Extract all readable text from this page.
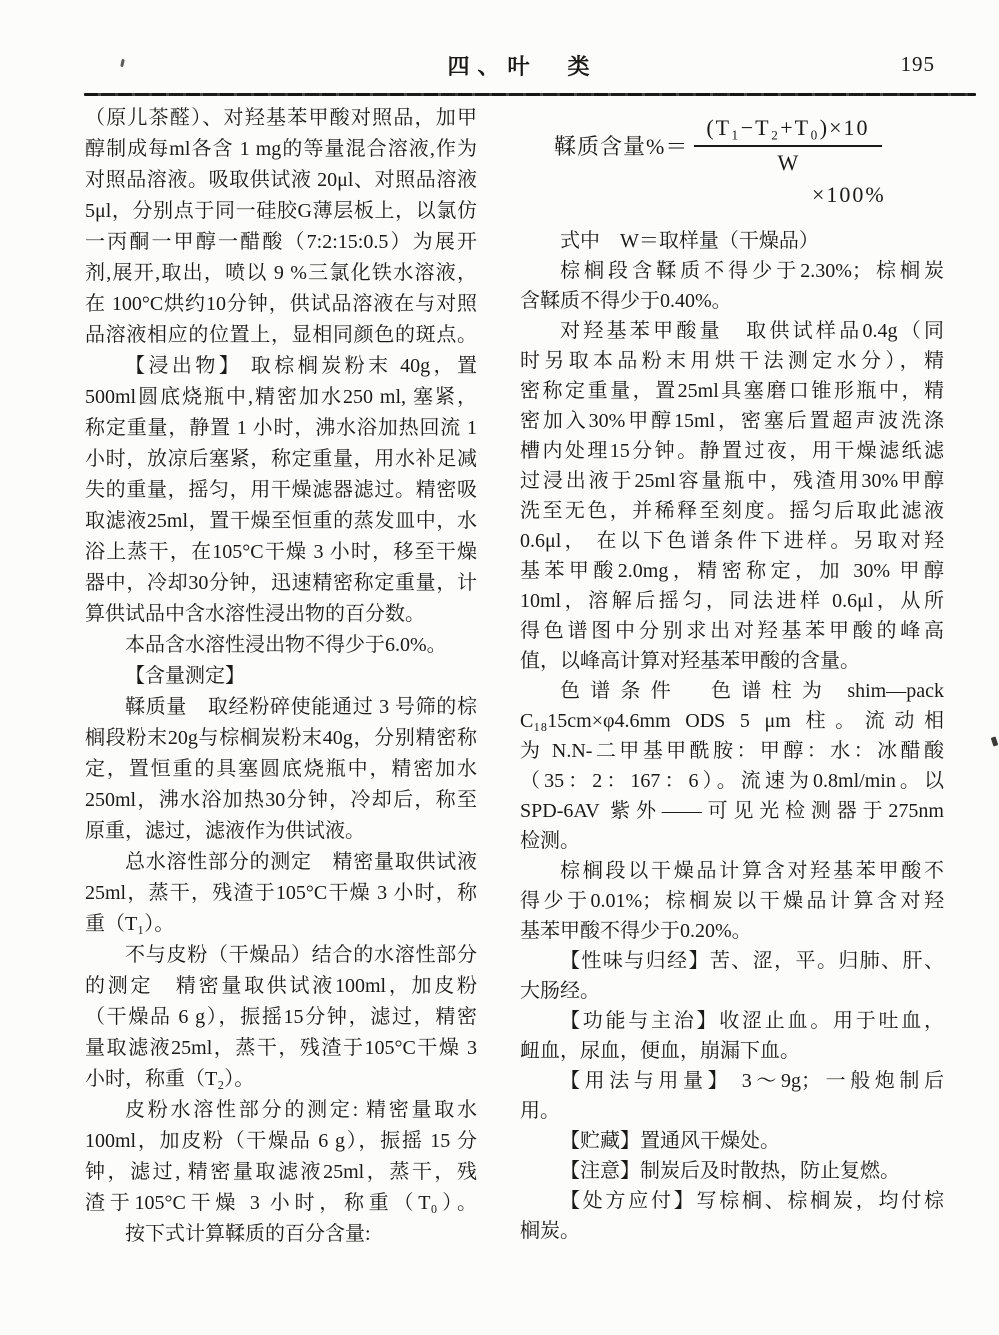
四、叶　类	195
（原儿茶醛）、对羟基苯甲酸对照品，加甲
醇制成每ml各含 1 mg的等量混合溶液,作为
对照品溶液。吸取供试液 20μl、对照品溶液
5μl，分别点于同一硅胶G薄层板上，以氯仿
一丙酮一甲醇一醋酸（7:2:15:0.5）为展开
剂,展开,取出，喷以 9 %三氯化铁水溶液，
在 100°C烘约10分钟，供试品溶液在与对照
品溶液相应的位置上，显相同颜色的斑点。
【浸出物】 取棕榈炭粉末 40g，置
500ml圆底烧瓶中,精密加水250 ml, 塞紧，
称定重量，静置 1 小时，沸水浴加热回流 1
小时，放凉后塞紧，称定重量，用水补足减
失的重量，摇匀，用干燥滤器滤过。精密吸
取滤液25ml，置干燥至恒重的蒸发皿中，水
浴上蒸干，在105°C干燥 3 小时，移至干燥
器中，冷却30分钟，迅速精密称定重量，计
算供试品中含水溶性浸出物的百分数。
本品含水溶性浸出物不得少于6.0%。
【含量测定】
鞣质量　取经粉碎使能通过 3 号筛的棕
榈段粉末20g与棕榈炭粉末40g，分别精密称
定，置恒重的具塞圆底烧瓶中，精密加水
250ml，沸水浴加热30分钟，冷却后，称至
原重，滤过，滤液作为供试液。
总水溶性部分的测定　精密量取供试液
25ml，蒸干，残渣于105°C干燥 3 小时，称
重（T₁）。
不与皮粉（干燥品）结合的水溶性部分
的测定　精密量取供试液100ml，加皮粉
（干燥品 6 g），振摇15分钟，滤过，精密
量取滤液25ml，蒸干，残渣于105°C干燥 3
小时，称重（T₂）。
皮粉水溶性部分的测定: 精密量取水
100ml，加皮粉（干燥品 6 g），振摇 15 分
钟，滤过, 精密量取滤液25ml，蒸干，残
渣于105°C干燥 3 小时，称重（T₀）。
按下式计算鞣质的百分含量:
鞣质含量%＝ $\frac{\text{(T₁−T₂+T₀)×10}}{W}$
×100%
式中　W＝取样量（干燥品）
棕榈段含鞣质不得少于2.30%；棕榈炭
含鞣质不得少于0.40%。
对羟基苯甲酸量　取供试样品0.4g（同
时另取本品粉末用烘干法测定水分），精
密称定重量，置25ml具塞磨口锥形瓶中，精
密加入30%甲醇15ml，密塞后置超声波洗涤
槽内处理15分钟。静置过夜，用干燥滤纸滤
过浸出液于25ml容量瓶中，残渣用30%甲醇
洗至无色，并稀释至刻度。摇匀后取此滤液
0.6μl， 在以下色谱条件下进样。另取对羟
基苯甲酸2.0mg，精密称定，加 30% 甲醇
10ml，溶解后摇匀，同法进样 0.6μl，从所
得色谱图中分别求出对羟基苯甲酸的峰高
值，以峰高计算对羟基苯甲酸的含量。
色谱条件　色谱柱为 shim—pack
C₁₈15cm×φ4.6mm ODS 5 μm 柱。流动相
为 N.N-二甲基甲酰胺：甲醇：水：冰醋酸
（35：2：167：6）。流速为0.8ml/min。以
SPD-6AV 紫外——可见光检测器于275nm
检测。
棕榈段以干燥品计算含对羟基苯甲酸不
得少于0.01%；棕榈炭以干燥品计算含对羟
基苯甲酸不得少于0.20%。
【性味与归经】苦、涩，平。归肺、肝、
大肠经。
【功能与主治】收涩止血。用于吐血，
衄血，尿血，便血，崩漏下血。
【用法与用量】 3～9g；一般炮制后
用。
【贮藏】置通风干燥处。
【注意】制炭后及时散热，防止复燃。
【处方应付】写棕榈、棕榈炭，均付棕
榈炭。
